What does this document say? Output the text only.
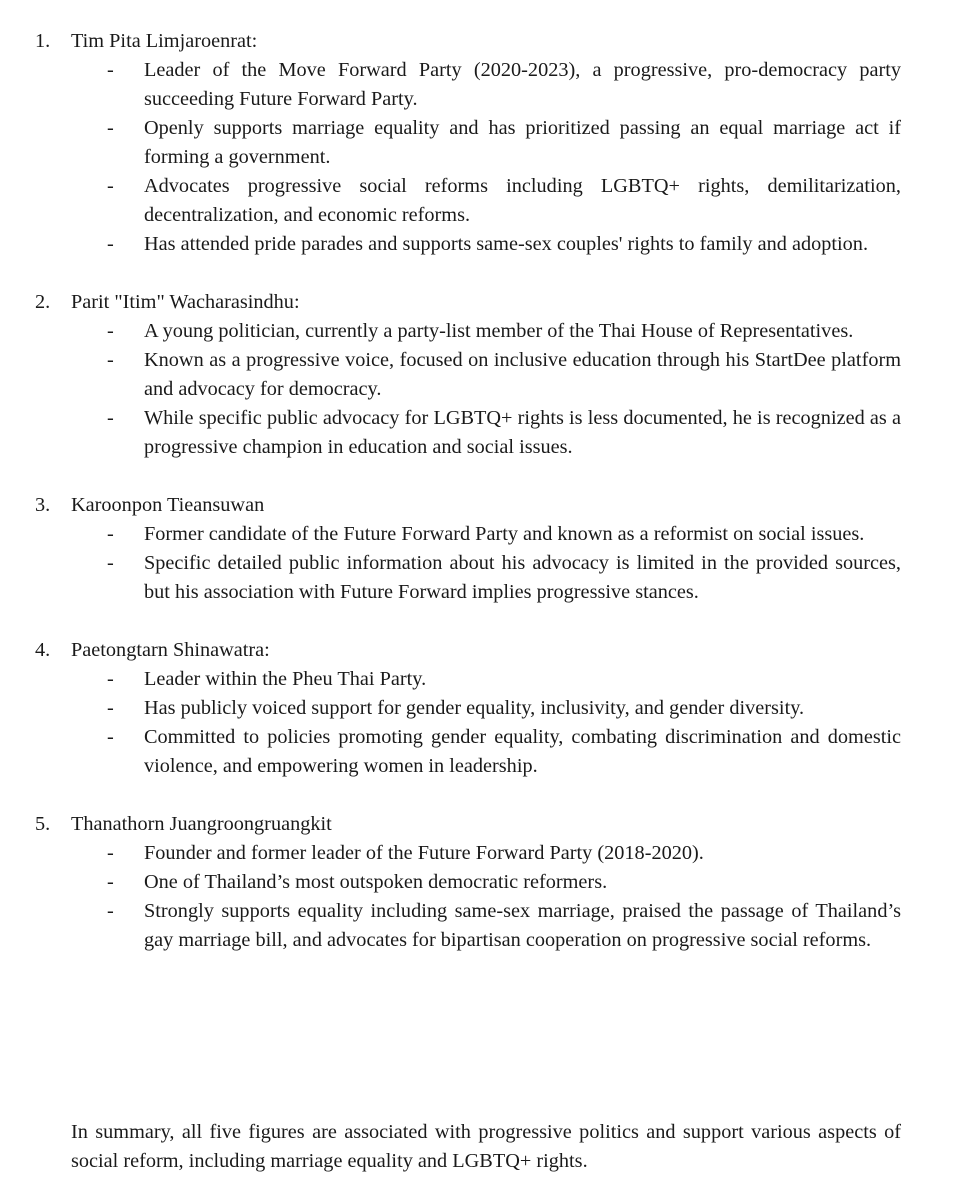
1. Tim Pita Limjaroenrat:
- Leader of the Move Forward Party (2020-2023), a progressive, pro-democracy party succeeding Future Forward Party.
- Openly supports marriage equality and has prioritized passing an equal marriage act if forming a government.
- Advocates progressive social reforms including LGBTQ+ rights, demilitarization, decentralization, and economic reforms.
- Has attended pride parades and supports same-sex couples' rights to family and adoption.
2. Parit "Itim" Wacharasindhu:
- A young politician, currently a party-list member of the Thai House of Representatives.
- Known as a progressive voice, focused on inclusive education through his StartDee platform and advocacy for democracy.
- While specific public advocacy for LGBTQ+ rights is less documented, he is recognized as a progressive champion in education and social issues.
3. Karoonpon Tieansuwan
- Former candidate of the Future Forward Party and known as a reformist on social issues.
- Specific detailed public information about his advocacy is limited in the provided sources, but his association with Future Forward implies progressive stances.
4. Paetongtarn Shinawatra:
- Leader within the Pheu Thai Party.
- Has publicly voiced support for gender equality, inclusivity, and gender diversity.
- Committed to policies promoting gender equality, combating discrimination and domestic violence, and empowering women in leadership.
5. Thanathorn Juangroongruangkit
- Founder and former leader of the Future Forward Party (2018-2020).
- One of Thailand’s most outspoken democratic reformers.
- Strongly supports equality including same-sex marriage, praised the passage of Thailand’s gay marriage bill, and advocates for bipartisan cooperation on progressive social reforms.

In summary, all five figures are associated with progressive politics and support various aspects of social reform, including marriage equality and LGBTQ+ rights.
